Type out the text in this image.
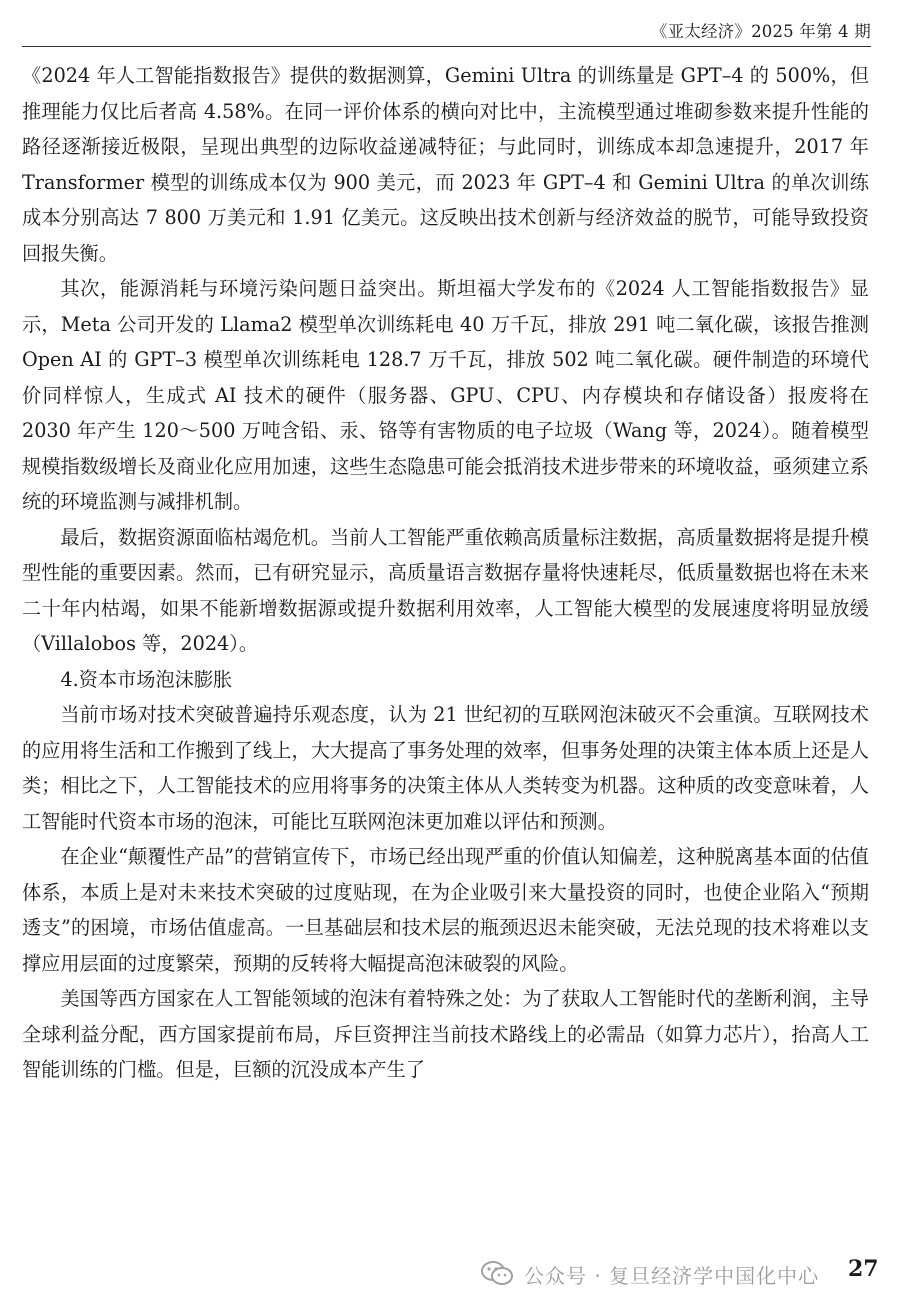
《亚太经济》2025 年第 4 期

《2024 年人工智能指数报告》提供的数据测算，Gemini Ultra 的训练量是 GPT–4 的 500%，但推理能力仅比后者高 4.58%。在同一评价体系的横向对比中，主流模型通过堆砌参数来提升性能的路径逐渐接近极限，呈现出典型的边际收益递减特征；与此同时，训练成本却急速提升，2017 年 Transformer 模型的训练成本仅为 900 美元，而 2023 年 GPT–4 和 Gemini Ultra 的单次训练成本分别高达 7 800 万美元和 1.91 亿美元。这反映出技术创新与经济效益的脱节，可能导致投资回报失衡。

其次，能源消耗与环境污染问题日益突出。斯坦福大学发布的《2024 人工智能指数报告》显示，Meta 公司开发的 Llama2 模型单次训练耗电 40 万千瓦，排放 291 吨二氧化碳，该报告推测 Open AI 的 GPT–3 模型单次训练耗电 128.7 万千瓦，排放 502 吨二氧化碳。硬件制造的环境代价同样惊人，生成式 AI 技术的硬件（服务器、GPU、CPU、内存模块和存储设备）报废将在 2030 年产生 120～500 万吨含铅、汞、铬等有害物质的电子垃圾（Wang 等，2024）。随着模型规模指数级增长及商业化应用加速，这些生态隐患可能会抵消技术进步带来的环境收益，亟须建立系统的环境监测与减排机制。

最后，数据资源面临枯竭危机。当前人工智能严重依赖高质量标注数据，高质量数据将是提升模型性能的重要因素。然而，已有研究显示，高质量语言数据存量将快速耗尽，低质量数据也将在未来二十年内枯竭，如果不能新增数据源或提升数据利用效率，人工智能大模型的发展速度将明显放缓（Villalobos 等，2024）。

4.资本市场泡沫膨胀

当前市场对技术突破普遍持乐观态度，认为 21 世纪初的互联网泡沫破灭不会重演。互联网技术的应用将生活和工作搬到了线上，大大提高了事务处理的效率，但事务处理的决策主体本质上还是人类；相比之下，人工智能技术的应用将事务的决策主体从人类转变为机器。这种质的改变意味着，人工智能时代资本市场的泡沫，可能比互联网泡沫更加难以评估和预测。

在企业“颠覆性产品”的营销宣传下，市场已经出现严重的价值认知偏差，这种脱离基本面的估值体系，本质上是对未来技术突破的过度贴现，在为企业吸引来大量投资的同时，也使企业陷入“预期透支”的困境，市场估值虚高。一旦基础层和技术层的瓶颈迟迟未能突破，无法兑现的技术将难以支撑应用层面的过度繁荣，预期的反转将大幅提高泡沫破裂的风险。

美国等西方国家在人工智能领域的泡沫有着特殊之处：为了获取人工智能时代的垄断利润，主导全球利益分配，西方国家提前布局，斥巨资押注当前技术路线上的必需品（如算力芯片），抬高人工智能训练的门槛。但是，巨额的沉没成本产生了

公众号 · 复旦经济学中国化中心 27
